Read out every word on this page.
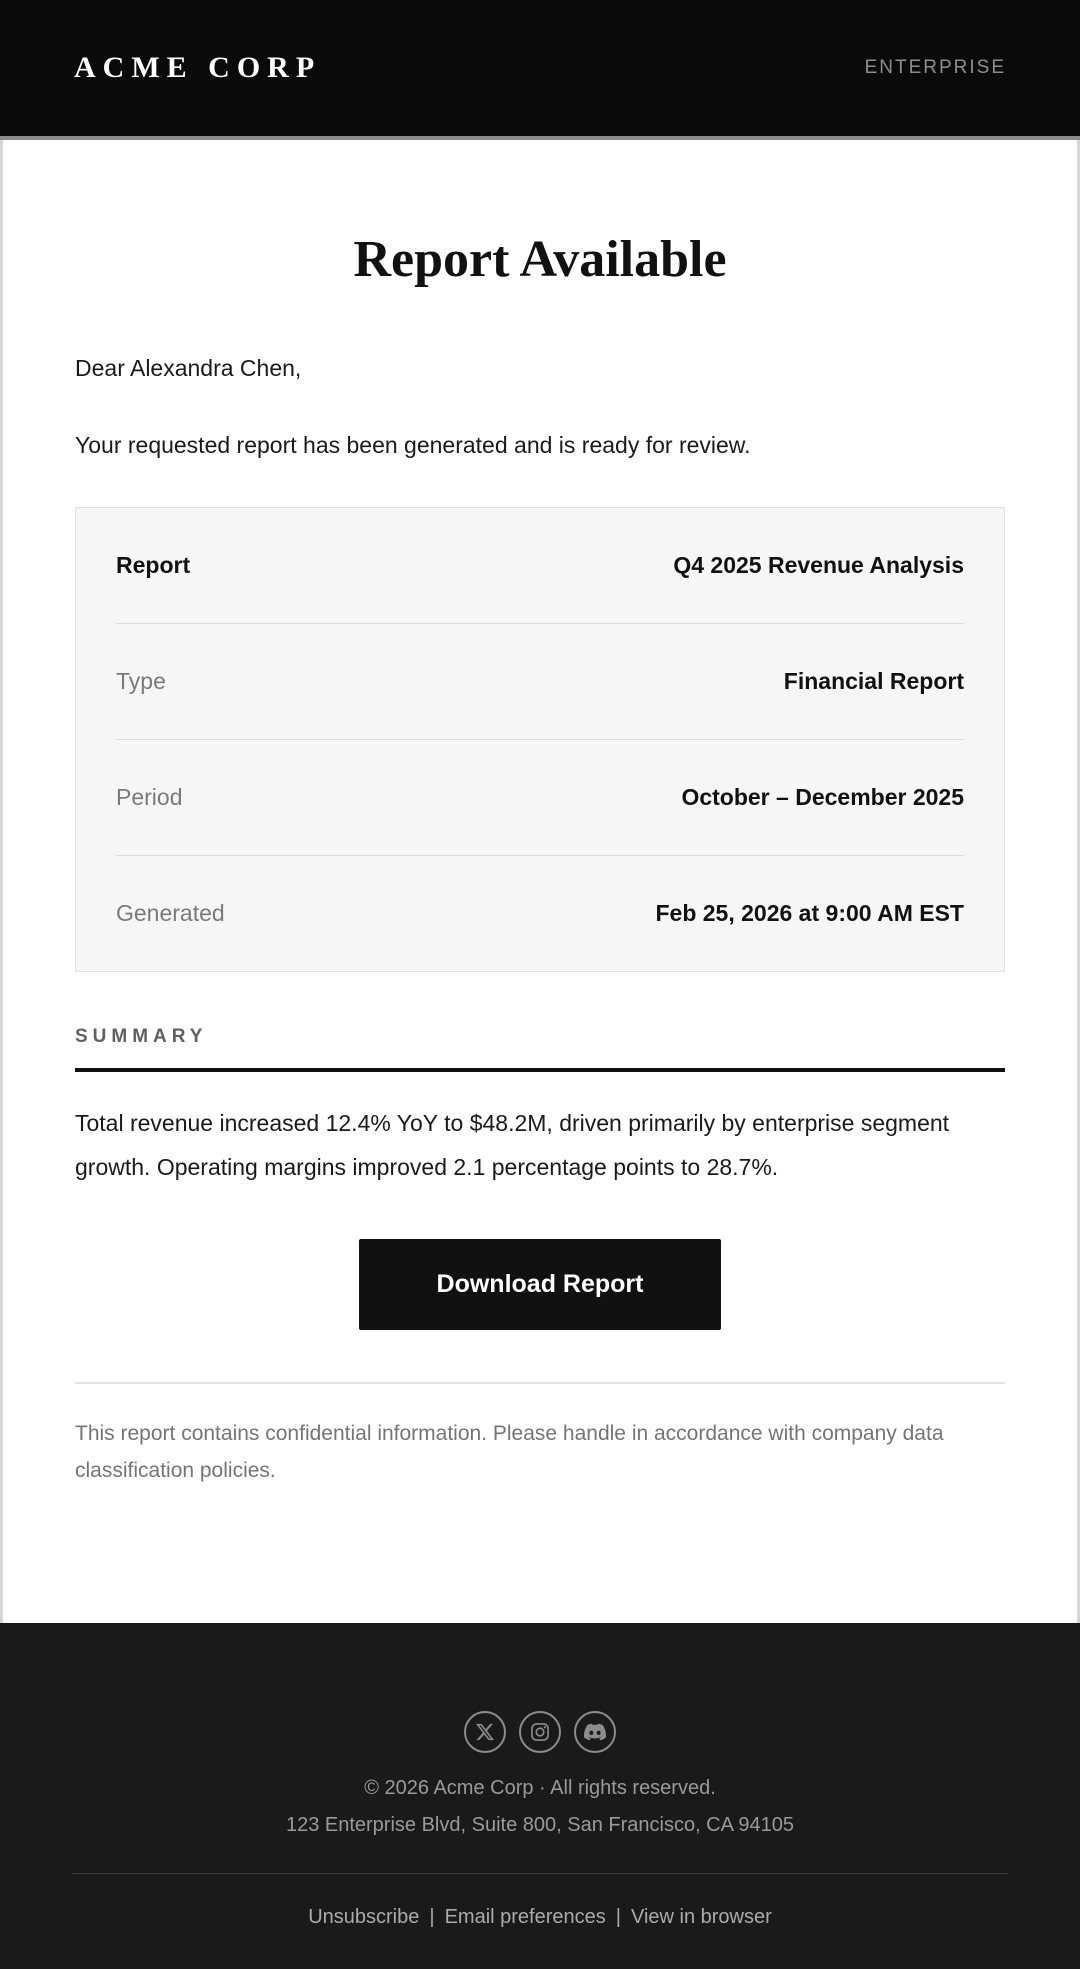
ACME CORP	ENTERPRISE
Report Available

Dear Alexandra Chen,

Your requested report has been generated and is ready for review.

Report	Q4 2025 Revenue Analysis
Type	Financial Report
Period	October – December 2025
Generated	Feb 25, 2026 at 9:00 AM EST
SUMMARY

Total revenue increased 12.4% YoY to $48.2M, driven primarily by enterprise segment growth. Operating margins improved 2.1 percentage points to 28.7%.

Download Report

This report contains confidential information. Please handle in accordance with company data classification policies.

© 2026 Acme Corp · All rights reserved.

123 Enterprise Blvd, Suite 800, San Francisco, CA 94105

Unsubscribe | Email preferences | View in browser
